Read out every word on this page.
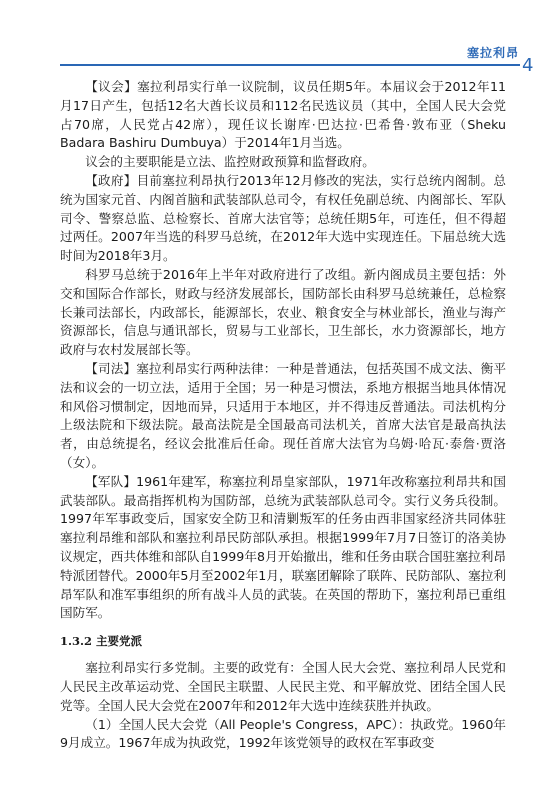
塞拉利昂
4

【议会】塞拉利昂实行单一议院制，议员任期5年。本届议会于2012年11月17日产生，包括12名大酋长议员和112名民选议员（其中，全国人民大会党占70席，人民党占42席），现任议长谢库·巴达拉·巴希鲁·敦布亚（Sheku Badara Bashiru Dumbuya）于2014年1月当选。

议会的主要职能是立法、监控财政预算和监督政府。

【政府】目前塞拉利昂执行2013年12月修改的宪法，实行总统内阁制。总统为国家元首、内阁首脑和武装部队总司令，有权任免副总统、内阁部长、军队司令、警察总监、总检察长、首席大法官等；总统任期5年，可连任，但不得超过两任。2007年当选的科罗马总统，在2012年大选中实现连任。下届总统大选时间为2018年3月。

科罗马总统于2016年上半年对政府进行了改组。新内阁成员主要包括：外交和国际合作部长，财政与经济发展部长，国防部长由科罗马总统兼任，总检察长兼司法部长，内政部长，能源部长，农业、粮食安全与林业部长，渔业与海产资源部长，信息与通讯部长，贸易与工业部长，卫生部长，水力资源部长，地方政府与农村发展部长等。

【司法】塞拉利昂实行两种法律：一种是普通法，包括英国不成文法、衡平法和议会的一切立法，适用于全国；另一种是习惯法，系地方根据当地具体情况和风俗习惯制定，因地而异，只适用于本地区，并不得违反普通法。司法机构分上级法院和下级法院。最高法院是全国最高司法机关，首席大法官是最高执法者，由总统提名，经议会批准后任命。现任首席大法官为乌姆·哈瓦·泰詹·贾洛（女）。

【军队】1961年建军，称塞拉利昂皇家部队，1971年改称塞拉利昂共和国武装部队。最高指挥机构为国防部，总统为武装部队总司令。实行义务兵役制。1997年军事政变后，国家安全防卫和清剿叛军的任务由西非国家经济共同体驻塞拉利昂维和部队和塞拉利昂民防部队承担。根据1999年7月7日签订的洛美协议规定，西共体维和部队自1999年8月开始撤出，维和任务由联合国驻塞拉利昂特派团替代。2000年5月至2002年1月，联塞团解除了联阵、民防部队、塞拉利昂军队和准军事组织的所有战斗人员的武装。在英国的帮助下，塞拉利昂已重组国防军。

1.3.2 主要党派

塞拉利昂实行多党制。主要的政党有：全国人民大会党、塞拉利昂人民党和人民民主改革运动党、全国民主联盟、人民民主党、和平解放党、团结全国人民党等。全国人民大会党在2007年和2012年大选中连续获胜并执政。

（1）全国人民大会党（All People's Congress，APC）：执政党。1960年9月成立。1967年成为执政党，1992年该党领导的政权在军事政变
